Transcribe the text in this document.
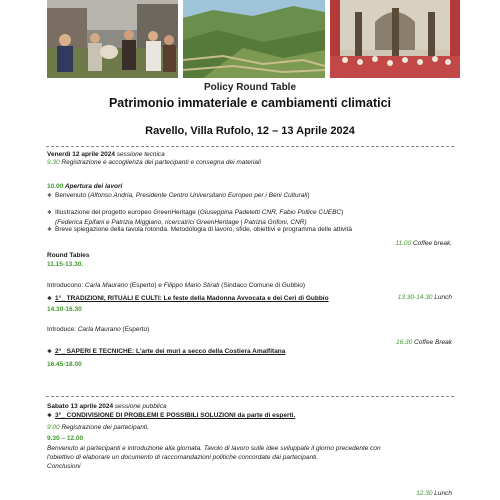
Policy Round Table
Patrimonio immateriale e cambiamenti climatici
Ravello, Villa Rufolo, 12 – 13 Aprile 2024
Venerdì 12 aprile 2024 sessione tecnica
9.30 Registrazione e accoglienza dei partecipanti e consegna dei materiali
10.00 Apertura dei lavori
❖ Benvenuto (Alfonso Andria, Presidente Centro Universitario Europeo per i Beni Culturali)
❖ Illustrazione del progetto europeo GreenHeritage (Giuseppina Padeletti CNR, Fabio Pollice CUEBC)
❖ Breve spiegazione della tavola rotonda. Metodologia di lavoro, sfide, obiettivi e programma delle attività
(Federica Epifani e Patrizia Miggiano, ricercatrici GreenHeritage | Patrizia Grifoni, CNR)
11.00 Coffee break.
Round Tables
11.15-13.30.
❖ 1°_ TRADIZIONI, RITUALI E CULTI: Le feste della Madonna Avvocata e dei Ceri di Gubbio
Introducono: Carla Maurano (Esperto) e Filippo Mario Stirati (Sindaco Comune di Gubbio)
13.30-14.30 Lunch
14.30-16.30
❖ 2°_ SAPERI E TECNICHE: L'arte dei muri a secco della Costiera Amalfitana
Introduce: Carla Maurano (Esperto)
16.30 Coffee Break
16.45-18.00
❖ 3°_ CONDIVISIONE DI PROBLEMI E POSSIBILI SOLUZIONI da parte di esperti.
Sabato 13 aprile 2024 sessione pubblica
9:00 Registrazione dei partecipanti.
9.30 – 12.00
Benvenuto ai partecipanti e introduzione alla giornata. Tavolo di lavoro sulle idee sviluppate il giorno precedente con
l'obiettivo di elaborare un documento di raccomandazioni politiche concordate dai partecipanti.
Conclusioni
12.30 Lunch
